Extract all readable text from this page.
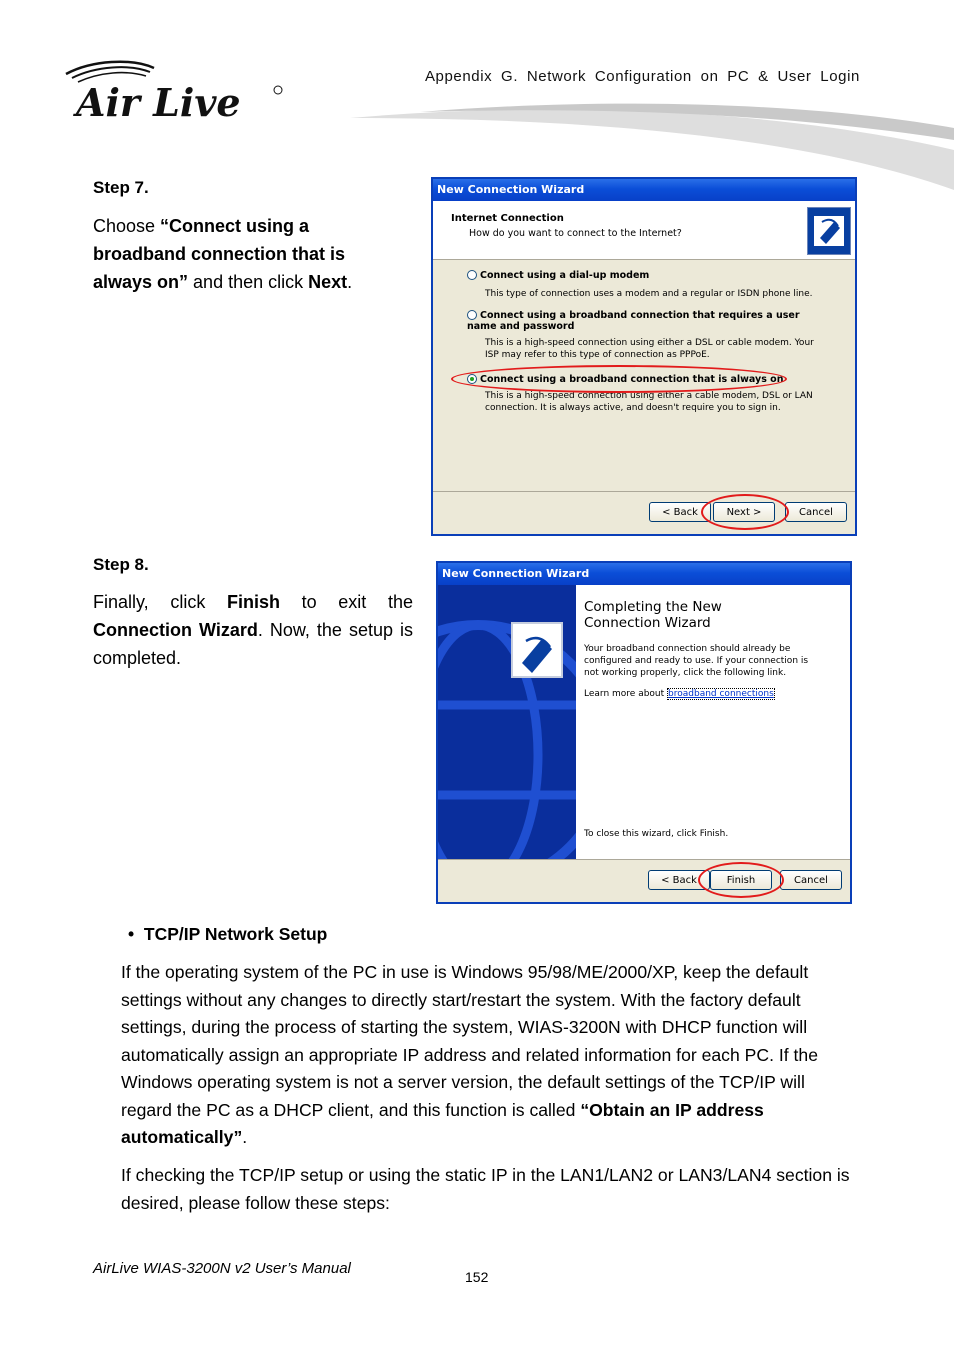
Air Live
Appendix G. Network Configuration on PC & User Login
Step 7.
Choose “Connect using a broadband connection that is always on” and then click Next.
New Connection Wizard
Internet Connection
How do you want to connect to the Internet?
Connect using a dial-up modem
This type of connection uses a modem and a regular or ISDN phone line.
Connect using a broadband connection that requires a user name and password
This is a high-speed connection using either a DSL or cable modem. Your ISP may refer to this type of connection as PPPoE.
Connect using a broadband connection that is always on
This is a high-speed connection using either a cable modem, DSL or LAN connection. It is always active, and doesn't require you to sign in.
< Back	Next >	Cancel
Step 8.
Finally, click Finish to exit the Connection Wizard. Now, the setup is completed.
New Connection Wizard
Completing the New Connection Wizard
Your broadband connection should already be configured and ready to use. If your connection is not working properly, click the following link.
Learn more about broadband connections
To close this wizard, click Finish.
< Back	Finish	Cancel
• TCP/IP Network Setup
If the operating system of the PC in use is Windows 95/98/ME/2000/XP, keep the default settings without any changes to directly start/restart the system. With the factory default settings, during the process of starting the system, WIAS-3200N with DHCP function will automatically assign an appropriate IP address and related information for each PC. If the Windows operating system is not a server version, the default settings of the TCP/IP will regard the PC as a DHCP client, and this function is called “Obtain an IP address automatically”.
If checking the TCP/IP setup or using the static IP in the LAN1/LAN2 or LAN3/LAN4 section is desired, please follow these steps:
AirLive WIAS-3200N v2 User’s Manual	152
